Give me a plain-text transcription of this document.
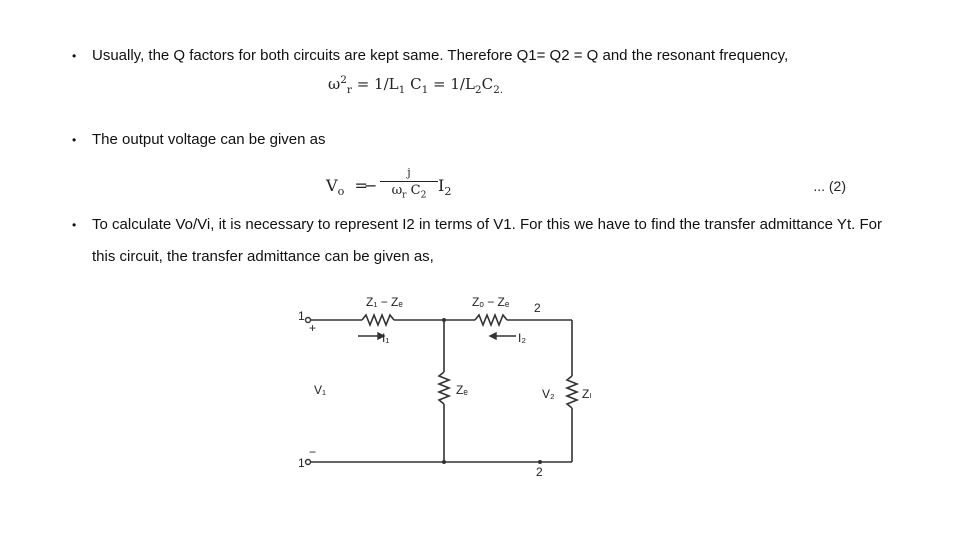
• Usually, the Q factors for both circuits are kept same. Therefore Q1= Q2 = Q and the resonant frequency,
$\omega^2_r = 1/L_1$ $C_1 = 1/L_2C_{2.}$
• The output voltage can be given as
$V_o$ =
−
j
$\omega_r$ $C_2$
$I_2$	... (2)
• To calculate Vo/Vi, it is necessary to represent I2 in terms of V1. For this we have to find the transfer admittance Yt. For this circuit, the transfer admittance can be given as,
Z₁ − Zₑ	Zₒ − Zₑ
Zₑ	Zₗ
I₁	I₂
V₁	V₂
1
1
2
2
+
−
